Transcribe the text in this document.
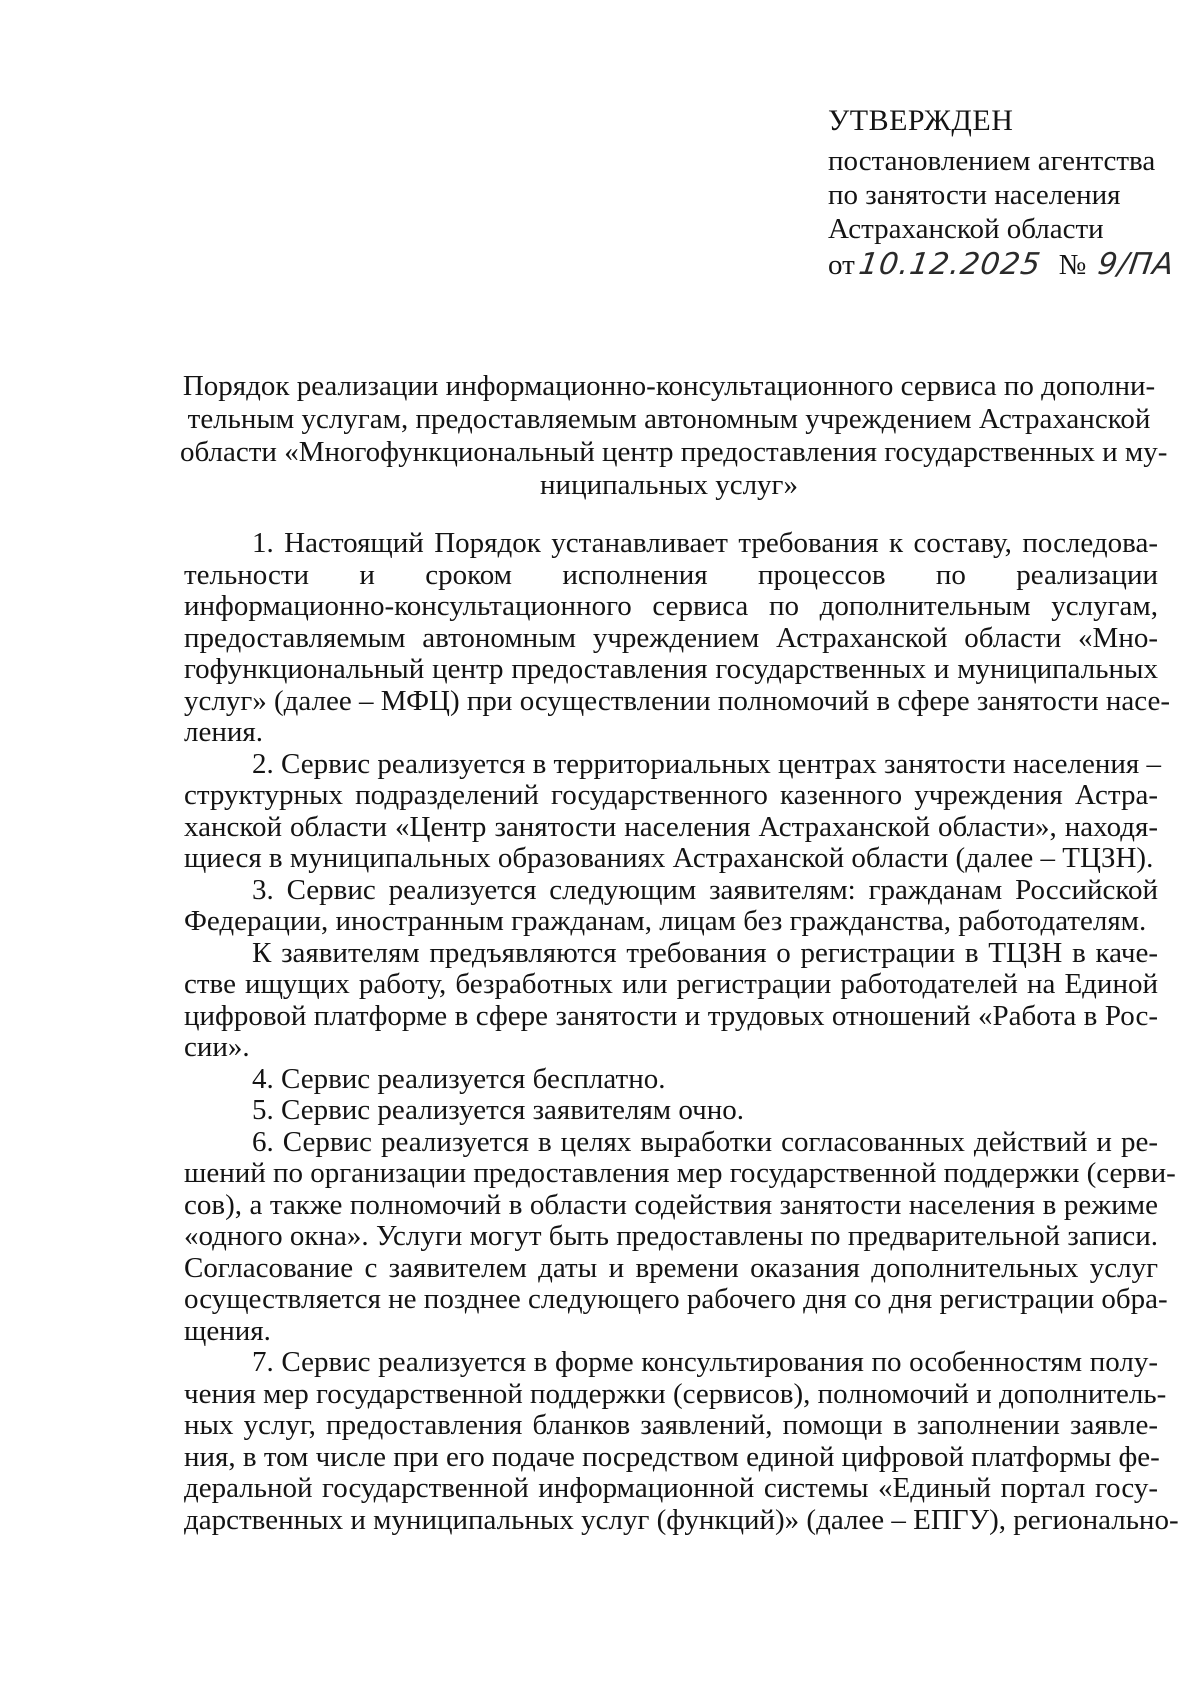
УТВЕРЖДЕН
постановлением агентства
по занятости населения
Астраханской области
от10.12.2025 № 9/ПА
Порядок реализации информационно-консультационного сервиса по дополни-
тельным услугам, предоставляемым автономным учреждением Астраханской
области «Многофункциональный центр предоставления государственных и му-
ниципальных услуг»
1. Настоящий Порядок устанавливает требования к составу, последова-
тельности и сроком исполнения процессов по реализации
информационно-консультационного сервиса по дополнительным услугам,
предоставляемым автономным учреждением Астраханской области «Мно-
гофункциональный центр предоставления государственных и муниципальных
услуг» (далее – МФЦ) при осуществлении полномочий в сфере занятости насе-
ления.
2. Сервис реализуется в территориальных центрах занятости населения –
структурных подразделений государственного казенного учреждения Астра-
ханской области «Центр занятости населения Астраханской области», находя-
щиеся в муниципальных образованиях Астраханской области (далее – ТЦЗН).
3. Сервис реализуется следующим заявителям: гражданам Российской
Федерации, иностранным гражданам, лицам без гражданства, работодателям.
К заявителям предъявляются требования о регистрации в ТЦЗН в каче-
стве ищущих работу, безработных или регистрации работодателей на Единой
цифровой платформе в сфере занятости и трудовых отношений «Работа в Рос-
сии».
4. Сервис реализуется бесплатно.
5. Сервис реализуется заявителям очно.
6. Сервис реализуется в целях выработки согласованных действий и ре-
шений по организации предоставления мер государственной поддержки (серви-
сов), а также полномочий в области содействия занятости населения в режиме
«одного окна». Услуги могут быть предоставлены по предварительной записи.
Согласование с заявителем даты и времени оказания дополнительных услуг
осуществляется не позднее следующего рабочего дня со дня регистрации обра-
щения.
7. Сервис реализуется в форме консультирования по особенностям полу-
чения мер государственной поддержки (сервисов), полномочий и дополнитель-
ных услуг, предоставления бланков заявлений, помощи в заполнении заявле-
ния, в том числе при его подаче посредством единой цифровой платформы фе-
деральной государственной информационной системы «Единый портал госу-
дарственных и муниципальных услуг (функций)» (далее – ЕПГУ), регионально-
